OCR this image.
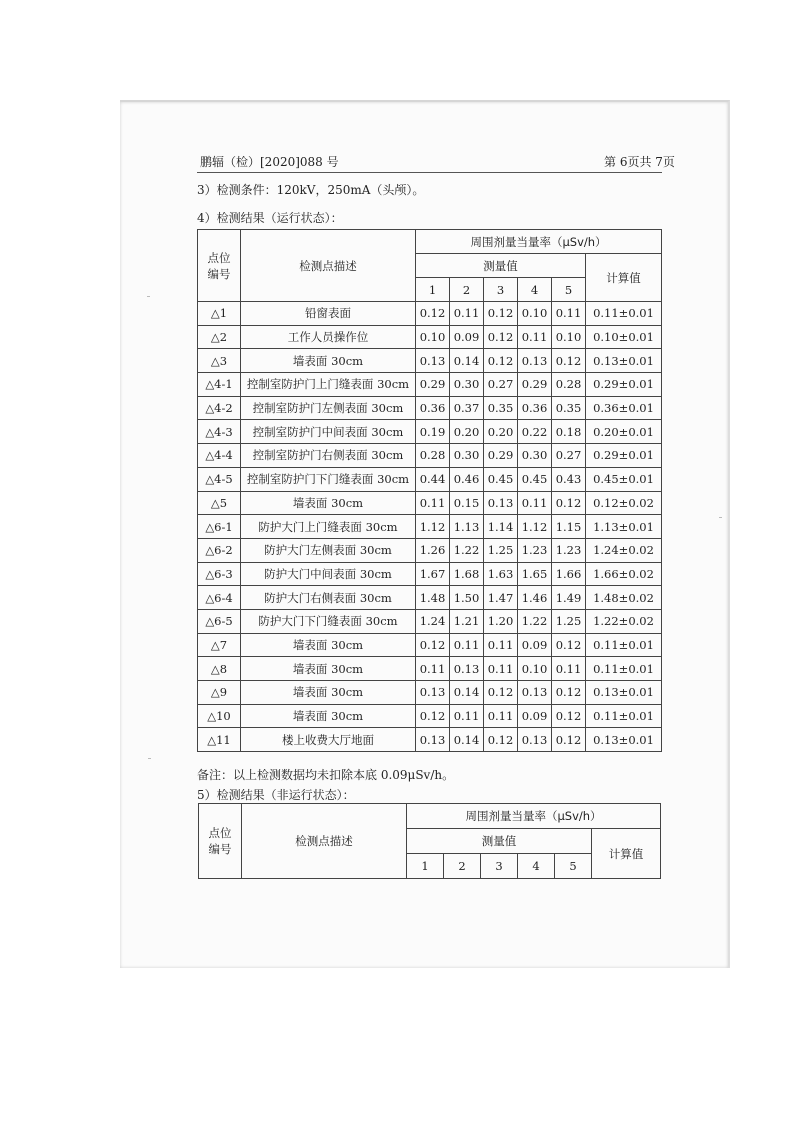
鹏辐（检）[2020]088 号	第 6页共 7页
3）检测条件：120kV，250mA（头颅）。
4）检测结果（运行状态）：
点位
编号	检测点描述	周围剂量当量率（μSv/h）					
		测量值					计算值
		1	2	3	4	5	
△1	铅窗表面	0.12	0.11	0.12	0.10	0.11	0.11±0.01
△2	工作人员操作位	0.10	0.09	0.12	0.11	0.10	0.10±0.01
△3	墙表面 30cm	0.13	0.14	0.12	0.13	0.12	0.13±0.01
△4-1	控制室防护门上门缝表面 30cm	0.29	0.30	0.27	0.29	0.28	0.29±0.01
△4-2	控制室防护门左侧表面 30cm	0.36	0.37	0.35	0.36	0.35	0.36±0.01
△4-3	控制室防护门中间表面 30cm	0.19	0.20	0.20	0.22	0.18	0.20±0.01
△4-4	控制室防护门右侧表面 30cm	0.28	0.30	0.29	0.30	0.27	0.29±0.01
△4-5	控制室防护门下门缝表面 30cm	0.44	0.46	0.45	0.45	0.43	0.45±0.01
△5	墙表面 30cm	0.11	0.15	0.13	0.11	0.12	0.12±0.02
△6-1	防护大门上门缝表面 30cm	1.12	1.13	1.14	1.12	1.15	1.13±0.01
△6-2	防护大门左侧表面 30cm	1.26	1.22	1.25	1.23	1.23	1.24±0.02
△6-3	防护大门中间表面 30cm	1.67	1.68	1.63	1.65	1.66	1.66±0.02
△6-4	防护大门右侧表面 30cm	1.48	1.50	1.47	1.46	1.49	1.48±0.02
△6-5	防护大门下门缝表面 30cm	1.24	1.21	1.20	1.22	1.25	1.22±0.02
△7	墙表面 30cm	0.12	0.11	0.11	0.09	0.12	0.11±0.01
△8	墙表面 30cm	0.11	0.13	0.11	0.10	0.11	0.11±0.01
△9	墙表面 30cm	0.13	0.14	0.12	0.13	0.12	0.13±0.01
△10	墙表面 30cm	0.12	0.11	0.11	0.09	0.12	0.11±0.01
△11	楼上收费大厅地面	0.13	0.14	0.12	0.13	0.12	0.13±0.01
备注：以上检测数据均未扣除本底 0.09μSv/h。
5）检测结果（非运行状态）：
点位
编号	检测点描述	周围剂量当量率（μSv/h）					
		测量值					计算值
		1	2	3	4	5	
